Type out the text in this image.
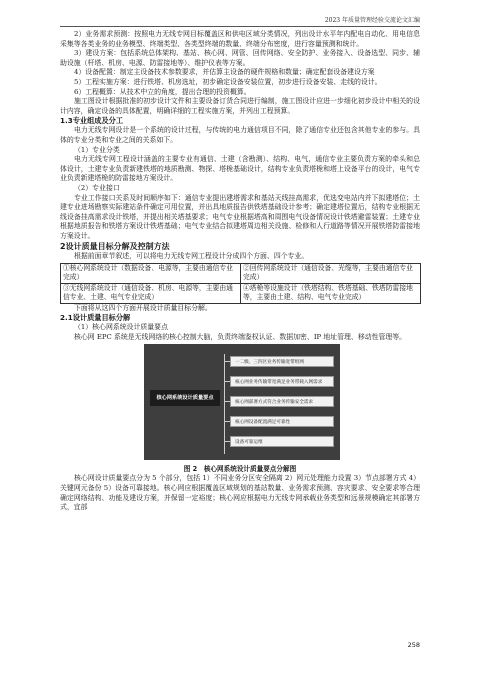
2023 年质量管理经验交流论文汇编

2）业务需求预测：按照电力无线专网目标覆盖区和供电区域分类情况，列出设计水平年内配电自动化、用电信息采集等各类业务的业务模型、终端类型、各类型终端的数量、终端分布密度，进行容量预测和统计。

3）建设方案：包括系统总体架构、基站、核心网、网管、回传网络、安全防护、业务接入、设备选型、同步、辅助设施（杆塔、机房、电源、防雷接地等）、维护仪表等方案。

4）设备配置：制定主设备技术参数要求，并估算主设备的硬件规格和数量；确定配套设备建设方案

5）工程实施方案：进行铁塔、机房选址，初步确定设备安装位置，初步进行设备安装、走线的设计。

6）工程概算：从技术中立的角度，提出合理的投资概算。

施工图设计根据批准的初步设计文件和主要设备订货合同进行编制，施工图设计应进一步细化初步设计中相关的设计内容，确定设备的具体配置，明确详细的工程实施方案，并列出工程预算。

1.3专业组成及分工

电力无线专网设计是一个系统的设计过程，与传统的电力通信项目不同，除了通信专业还包含其他专业的参与。具体的专业分类和专业之间的关系如下。

（1）专业分类

电力无线专网工程设计涵盖的主要专业有通信、土建（含勘测）、结构、电气，通信专业主要负责方案的牵头和总体设计，土建专业负责新建铁塔的地质勘测、物探、塔桅基础设计，结构专业负责塔桅和塔上设备平台的设计，电气专业负责新建塔桅的防雷接地方案设计。

（2）专业接口

专业工作接口关系及时间顺序如下：通信专业提出建塔需求和基站天线挂高需求，优选变电站内并下拟建塔位；土建专业进场勘察实际建站条件确定可用位置，并出具地质报告供铁塔基础设计参考；确定建塔位置后，结构专业根据无线设备挂高需求设计铁塔，并提出相关塔基要求；电气专业根据塔高和周围电气设备情况设计铁塔避雷装置；土建专业根据地质报告和铁塔方案设计铁塔基础；电气专业结合拟建塔周边相关设施、检修和人行道路等情况开展铁塔防雷接地方案设计。

2设计质量目标分解及控制方法

根据前面章节叙述，可以将电力无线专网工程设计分成四个方面、四个专业。

①核心网系统设计（数据设备、电源等，主要由通信专业完成）	②回传网系统设计（通信设备、光缆等，主要由通信专业完成）
③无线网系统设计（通信设备、机房、电源等，主要由通信专业、土建、电气专业完成）	④塔桅等设施设计（铁塔结构、铁塔基础、铁塔防雷接地等，主要由土建、结构、电气专业完成）

下面将从这四个方面开展设计质量目标分解。

2.1设计质量目标分解

（1）核心网系统设计质量要点

核心网 EPC 系统是无线网络的核心控制大脑，负责终端鉴权认证、数据加密、IP 地址管理、移动性管理等。

核心网系统设计质量要点
一二级、三四区业务传输宽带组网
核心网业务传输带宽满足业务带载入网需求
核心网部署方式符合业务传输安全需求
核心网设备配置满足可靠性
设备可靠运维

图 2　核心网系统设计质量要点分解图

核心网设计质量要点分为 5 个部分，包括 1）不同业务分区安全隔离 2）网元处理能力设置 3）节点部署方式 4）关键网元备份 5）设备可靠接地。核心网应根据覆盖区域规划的基站数量、业务需求预测、容灾要求、安全要求等合理确定网络结构、功能及建设方案，并保留一定裕度；核心网应根据电力无线专网承载业务类型和远景规模确定其部署方式，宜部

258
